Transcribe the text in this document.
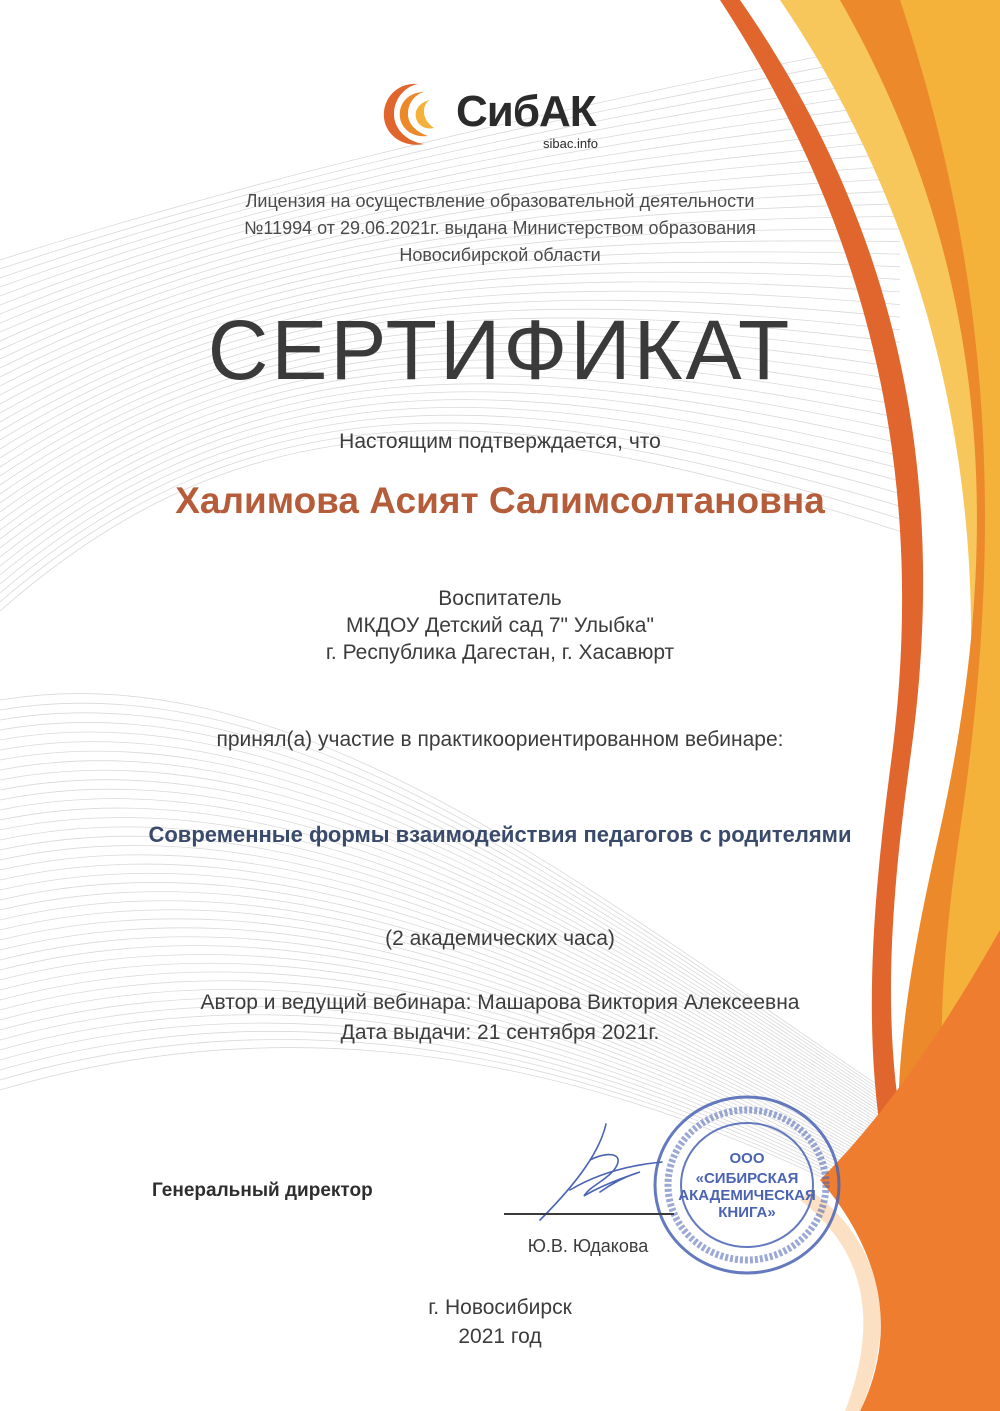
СибАК
sibac.info
Лицензия на осуществление образовательной деятельности
№11994 от 29.06.2021г. выдана Министерством образования
Новосибирской области
СЕРТИФИКАТ
Настоящим подтверждается, что
Халимова Асият Салимсолтановна
Воспитатель
МКДОУ Детский сад 7" Улыбка"
г. Республика Дагестан, г. Хасавюрт
принял(а) участие в практикоориентированном вебинаре:
Современные формы взаимодействия педагогов с родителями
(2 академических часа)
Автор и ведущий вебинара: Машарова Виктория Алексеевна
Дата выдачи: 21 сентября 2021г.
Генеральный директор
ООО
«СИБИРСКАЯ
АКАДЕМИЧЕСКАЯ
КНИГА»
Ю.В. Юдакова
г. Новосибирск
2021 год
